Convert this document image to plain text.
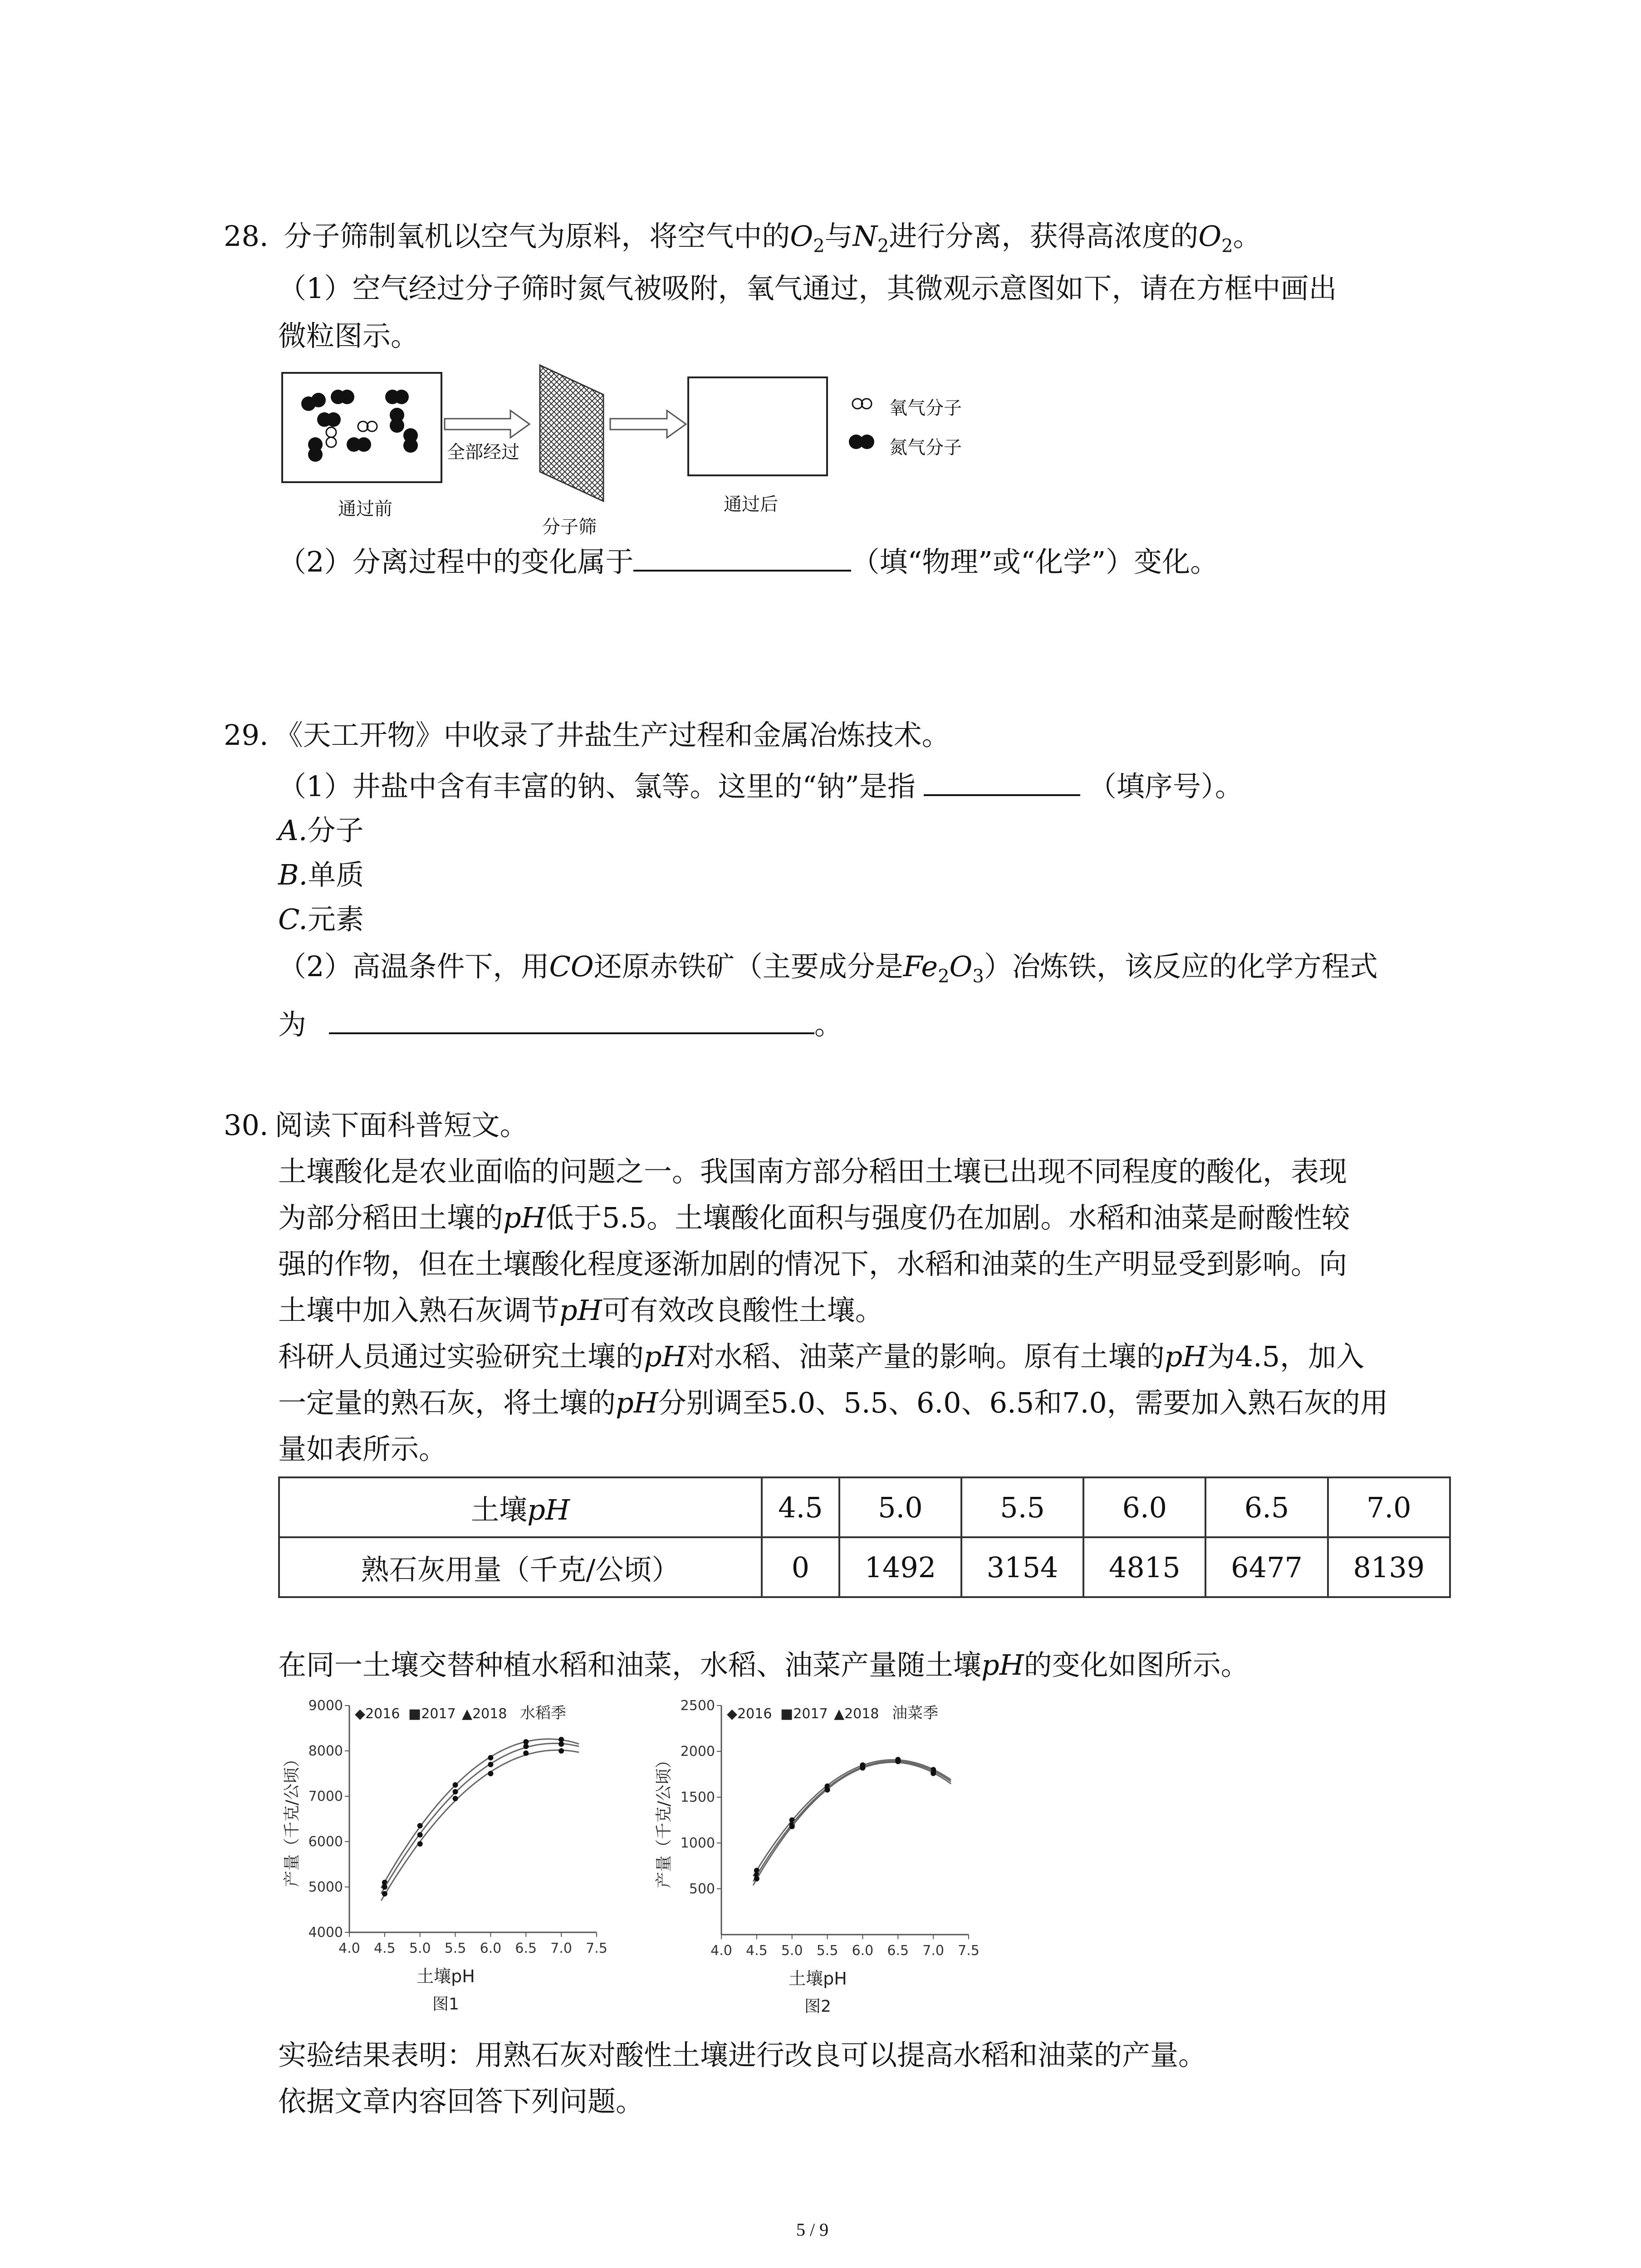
28. 分子筛制氧机以空气为原料，将空气中的$O_2$与$N_2$进行分离，获得高浓度的$O_2$。
（1）空气经过分子筛时氮气被吸附，氧气通过，其微观示意图如下，请在方框中画出
微粒图示。
通过前
全部经过
分子筛
通过后
氧气分子
氮气分子
（2）分离过程中的变化属于	（填“物理”或“化学”）变化。
29. 《天工开物》中收录了井盐生产过程和金属冶炼技术。
（1）井盐中含有丰富的钠、氯等。这里的“钠”是指	（填序号）。
A.分子
B.单质
C.元素
（2）高温条件下，用CO还原赤铁矿（主要成分是$Fe_2O_3$）冶炼铁，该反应的化学方程式
为	。
30. 阅读下面科普短文。
土壤酸化是农业面临的问题之一。我国南方部分稻田土壤已出现不同程度的酸化，表现
为部分稻田土壤的pH低于5.5。土壤酸化面积与强度仍在加剧。水稻和油菜是耐酸性较
强的作物，但在土壤酸化程度逐渐加剧的情况下，水稻和油菜的生产明显受到影响。向
土壤中加入熟石灰调节pH可有效改良酸性土壤。
科研人员通过实验研究土壤的pH对水稻、油菜产量的影响。原有土壤的pH为4.5，加入
一定量的熟石灰，将土壤的pH分别调至5.0、5.5、6.0、6.5和7.0，需要加入熟石灰的用
量如表所示。
土壤pH	4.5	5.0	5.5	6.0	6.5	7.0
熟石灰用量（千克/公顷）	0	1492	3154	4815	6477	8139
在同一土壤交替种植水稻和油菜，水稻、油菜产量随土壤pH的变化如图所示。
4.0 4.5 5.0 5.5 6.0 6.5 7.0 7.5
4000
5000
6000
7000
8000
9000
土壤pH
产量（千克/公顷）
图1
◆2016 ■2017 ▲2018 水稻季
4.0 4.5 5.0 5.5 6.0 6.5 7.0 7.5
500
1000
1500
2000
2500
土壤pH
产量（千克/公顷）
图2
◆2016 ■2017 ▲2018 油菜季
实验结果表明：用熟石灰对酸性土壤进行改良可以提高水稻和油菜的产量。
依据文章内容回答下列问题。
5 / 9
